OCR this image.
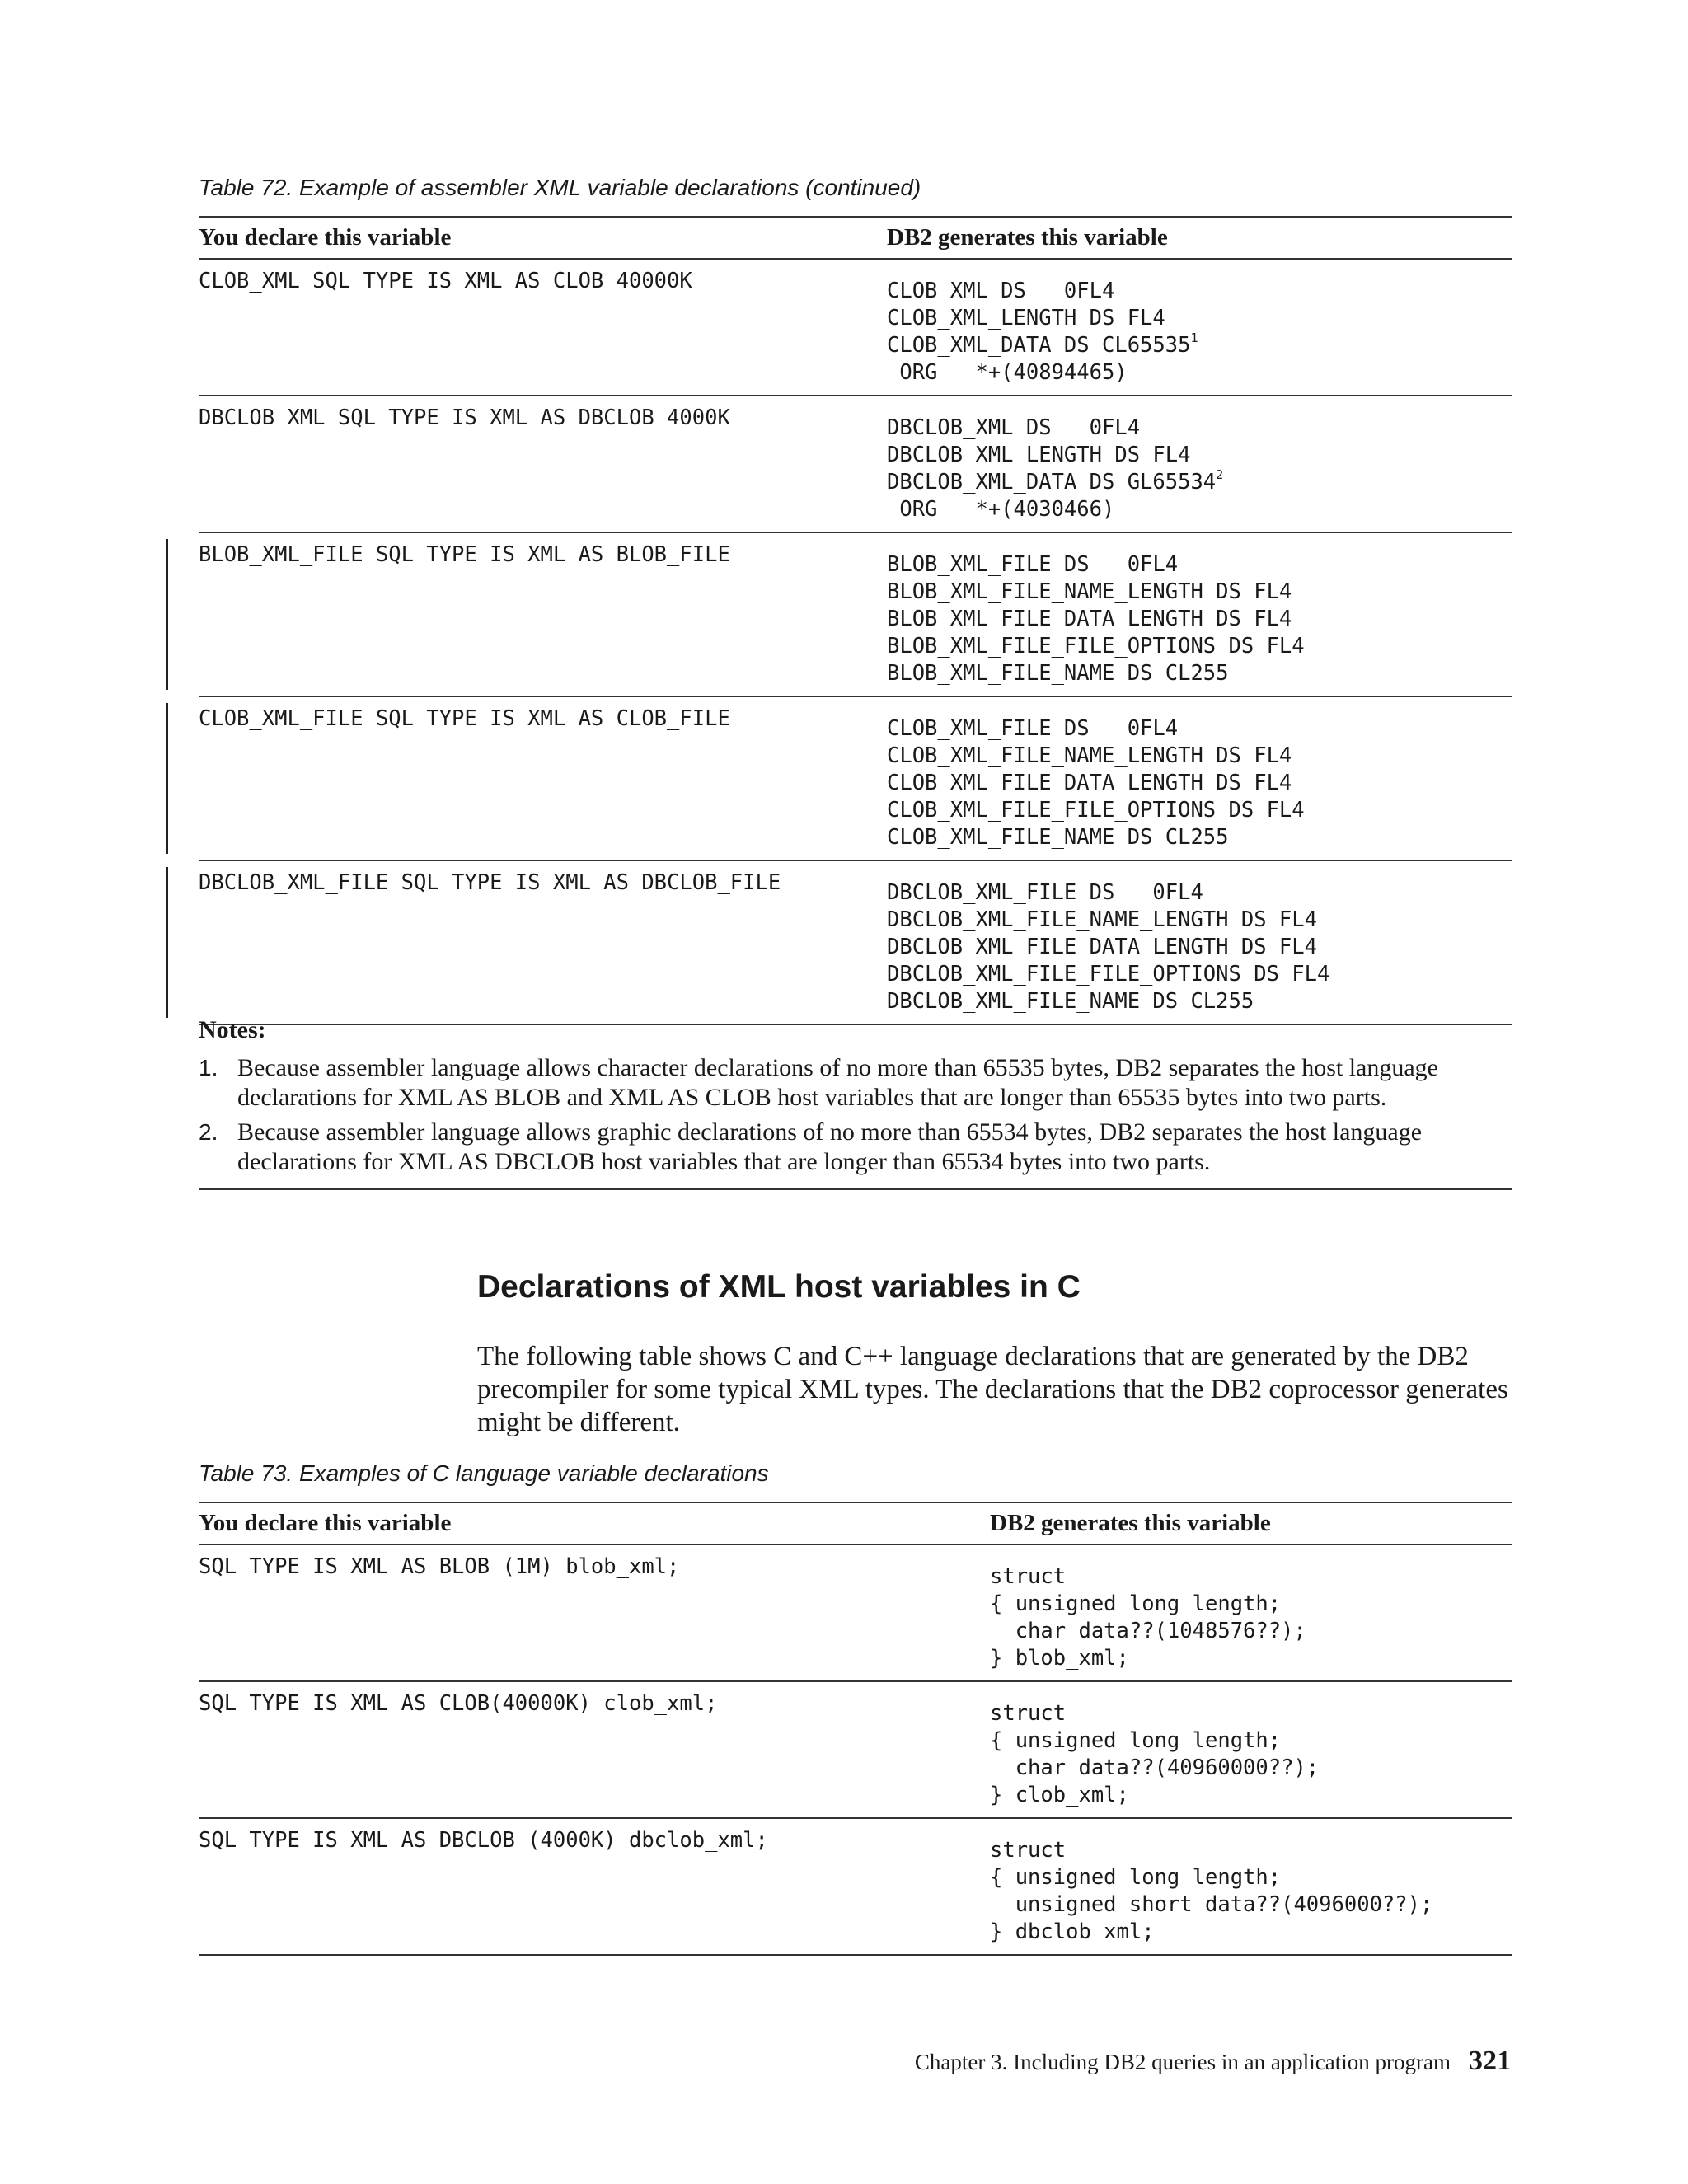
Table 72. Example of assembler XML variable declarations (continued)
You declare this variable	DB2 generates this variable
CLOB_XML SQL TYPE IS XML AS CLOB 40000K	CLOB_XML DS   0FL4
CLOB_XML_LENGTH DS FL4
CLOB_XML_DATA DS CL65535$^1$
ORG   *+(40894465)

DBCLOB_XML SQL TYPE IS XML AS DBCLOB 4000K	DBCLOB_XML DS   0FL4
DBCLOB_XML_LENGTH DS FL4
DBCLOB_XML_DATA DS GL65534$^2$
ORG   *+(4030466)

BLOB_XML_FILE SQL TYPE IS XML AS BLOB_FILE	BLOB_XML_FILE DS   0FL4
BLOB_XML_FILE_NAME_LENGTH DS FL4
BLOB_XML_FILE_DATA_LENGTH DS FL4
BLOB_XML_FILE_FILE_OPTIONS DS FL4
BLOB_XML_FILE_NAME DS CL255

CLOB_XML_FILE SQL TYPE IS XML AS CLOB_FILE	CLOB_XML_FILE DS   0FL4
CLOB_XML_FILE_NAME_LENGTH DS FL4
CLOB_XML_FILE_DATA_LENGTH DS FL4
CLOB_XML_FILE_FILE_OPTIONS DS FL4
CLOB_XML_FILE_NAME DS CL255

DBCLOB_XML_FILE SQL TYPE IS XML AS DBCLOB_FILE	DBCLOB_XML_FILE DS   0FL4
DBCLOB_XML_FILE_NAME_LENGTH DS FL4
DBCLOB_XML_FILE_DATA_LENGTH DS FL4
DBCLOB_XML_FILE_FILE_OPTIONS DS FL4
DBCLOB_XML_FILE_NAME DS CL255
Notes:
1. Because assembler language allows character declarations of no more than 65535 bytes, DB2 separates the host language declarations for XML AS BLOB and XML AS CLOB host variables that are longer than 65535 bytes into two parts.
2. Because assembler language allows graphic declarations of no more than 65534 bytes, DB2 separates the host language declarations for XML AS DBCLOB host variables that are longer than 65534 bytes into two parts.
Declarations of XML host variables in C

The following table shows C and C++ language declarations that are generated by the DB2 precompiler for some typical XML types. The declarations that the DB2 coprocessor generates might be different.

Table 73. Examples of C language variable declarations
You declare this variable	DB2 generates this variable
SQL TYPE IS XML AS BLOB (1M) blob_xml;	struct
{ unsigned long length;
char data??(1048576??);
} blob_xml;

SQL TYPE IS XML AS CLOB(40000K) clob_xml;	struct
{ unsigned long length;
char data??(40960000??);
} clob_xml;

SQL TYPE IS XML AS DBCLOB (4000K) dbclob_xml;	struct
{ unsigned long length;
unsigned short data??(4096000??);
} dbclob_xml;
Chapter 3. Including DB2 queries in an application program 321
